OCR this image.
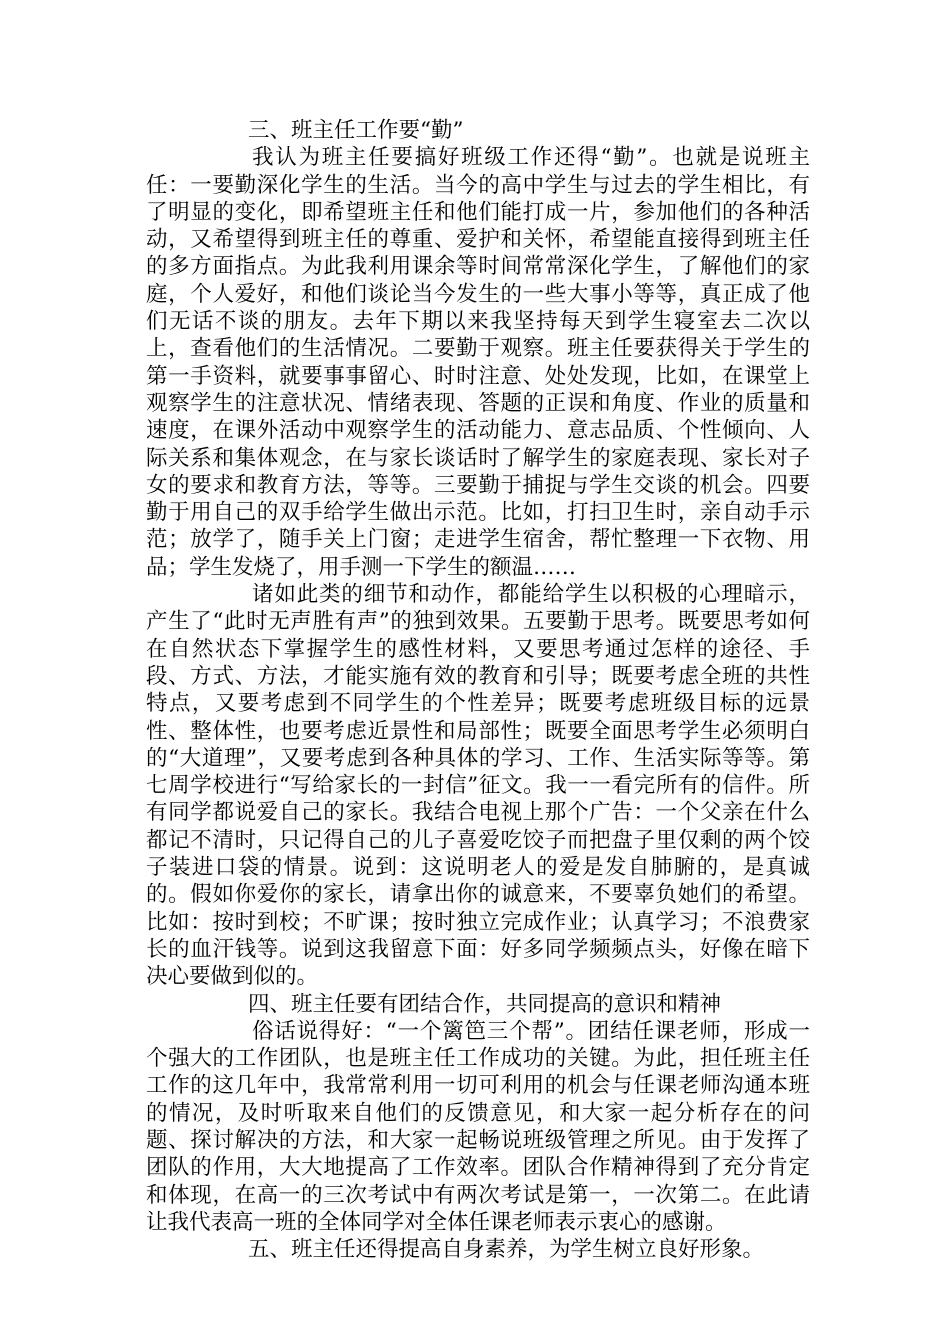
三、班主任工作要“勤”

我认为班主任要搞好班级工作还得“勤”。也就是说班主任：一要勤深化学生的生活。当今的高中学生与过去的学生相比，有了明显的变化，即希望班主任和他们能打成一片，参加他们的各种活动，又希望得到班主任的尊重、爱护和关怀，希望能直接得到班主任的多方面指点。为此我利用课余等时间常常深化学生，了解他们的家庭，个人爱好，和他们谈论当今发生的一些大事小等等，真正成了他们无话不谈的朋友。去年下期以来我坚持每天到学生寝室去二次以上，查看他们的生活情况。二要勤于观察。班主任要获得关于学生的第一手资料，就要事事留心、时时注意、处处发现，比如，在课堂上观察学生的注意状况、情绪表现、答题的正误和角度、作业的质量和速度，在课外活动中观察学生的活动能力、意志品质、个性倾向、人际关系和集体观念，在与家长谈话时了解学生的家庭表现、家长对子女的要求和教育方法，等等。三要勤于捕捉与学生交谈的机会。四要勤于用自己的双手给学生做出示范。比如，打扫卫生时，亲自动手示范；放学了，随手关上门窗；走进学生宿舍，帮忙整理一下衣物、用品；学生发烧了，用手测一下学生的额温……

诸如此类的细节和动作，都能给学生以积极的心理暗示，产生了“此时无声胜有声”的独到效果。五要勤于思考。既要思考如何在自然状态下掌握学生的感性材料，又要思考通过怎样的途径、手段、方式、方法，才能实施有效的教育和引导；既要考虑全班的共性特点，又要考虑到不同学生的个性差异；既要考虑班级目标的远景性、整体性，也要考虑近景性和局部性；既要全面思考学生必须明白的“大道理”，又要考虑到各种具体的学习、工作、生活实际等等。第七周学校进行“写给家长的一封信”征文。我一一看完所有的信件。所有同学都说爱自己的家长。我结合电视上那个广告：一个父亲在什么都记不清时，只记得自己的儿子喜爱吃饺子而把盘子里仅剩的两个饺子装进口袋的情景。说到：这说明老人的爱是发自肺腑的，是真诚的。假如你爱你的家长，请拿出你的诚意来，不要辜负她们的希望。比如：按时到校；不旷课；按时独立完成作业；认真学习；不浪费家长的血汗钱等。说到这我留意下面：好多同学频频点头，好像在暗下决心要做到似的。

四、班主任要有团结合作，共同提高的意识和精神

俗话说得好：“一个篱笆三个帮”。团结任课老师，形成一个强大的工作团队，也是班主任工作成功的关键。为此，担任班主任工作的这几年中，我常常利用一切可利用的机会与任课老师沟通本班的情况，及时听取来自他们的反馈意见，和大家一起分析存在的问题、探讨解决的方法，和大家一起畅说班级管理之所见。由于发挥了团队的作用，大大地提高了工作效率。团队合作精神得到了充分肯定和体现，在高一的三次考试中有两次考试是第一，一次第二。在此请让我代表高一班的全体同学对全体任课老师表示衷心的感谢。

五、班主任还得提高自身素养，为学生树立良好形象。
